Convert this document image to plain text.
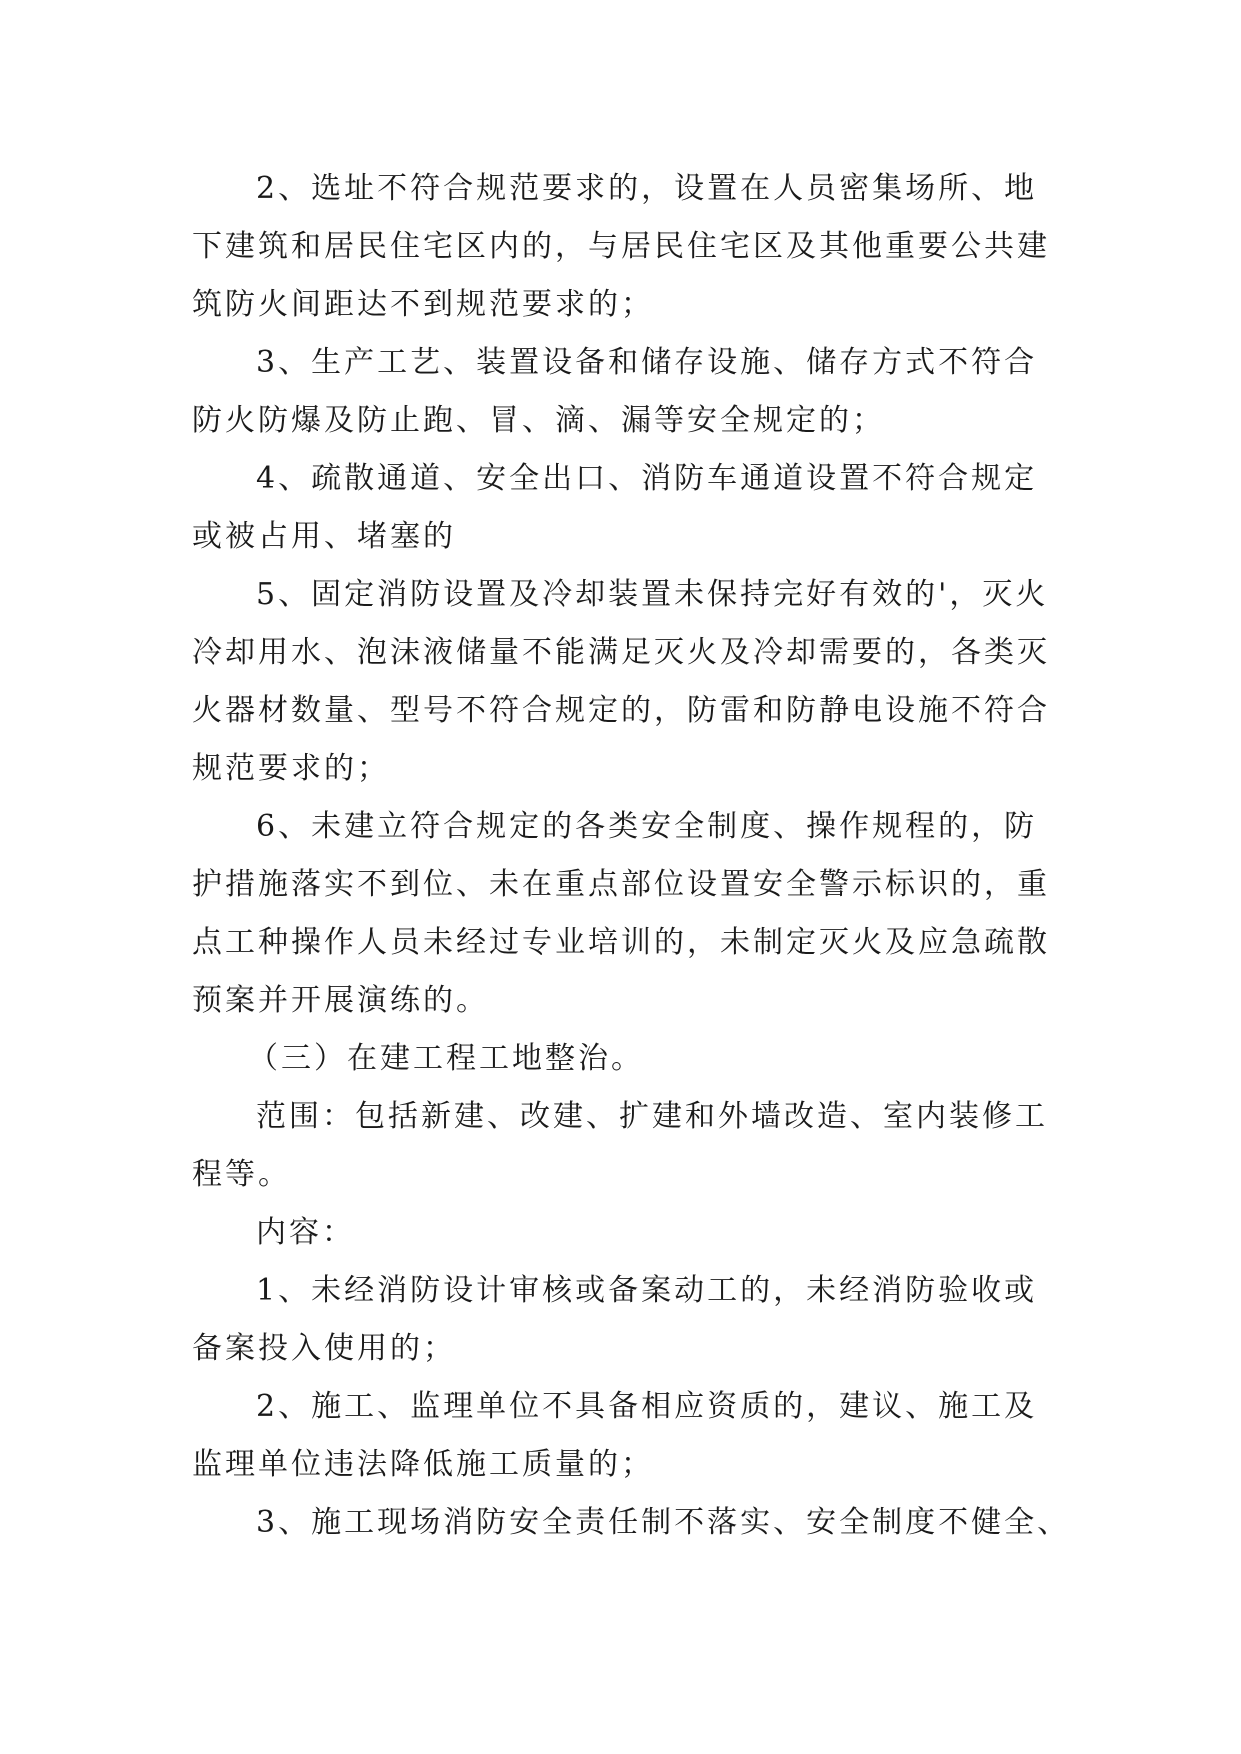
2、选址不符合规范要求的，设置在人员密集场所、地下建筑和居民住宅区内的，与居民住宅区及其他重要公共建筑防火间距达不到规范要求的；

3、生产工艺、装置设备和储存设施、储存方式不符合防火防爆及防止跑、冒、滴、漏等安全规定的；

4、疏散通道、安全出口、消防车通道设置不符合规定或被占用、堵塞的

5、固定消防设置及冷却装置未保持完好有效的'，灭火冷却用水、泡沫液储量不能满足灭火及冷却需要的，各类灭火器材数量、型号不符合规定的，防雷和防静电设施不符合规范要求的；

6、未建立符合规定的各类安全制度、操作规程的，防护措施落实不到位、未在重点部位设置安全警示标识的，重点工种操作人员未经过专业培训的，未制定灭火及应急疏散预案并开展演练的。

（三）在建工程工地整治。

范围：包括新建、改建、扩建和外墙改造、室内装修工程等。

内容：

1、未经消防设计审核或备案动工的，未经消防验收或备案投入使用的；

2、施工、监理单位不具备相应资质的，建议、施工及监理单位违法降低施工质量的；

3、施工现场消防安全责任制不落实、安全制度不健全、
